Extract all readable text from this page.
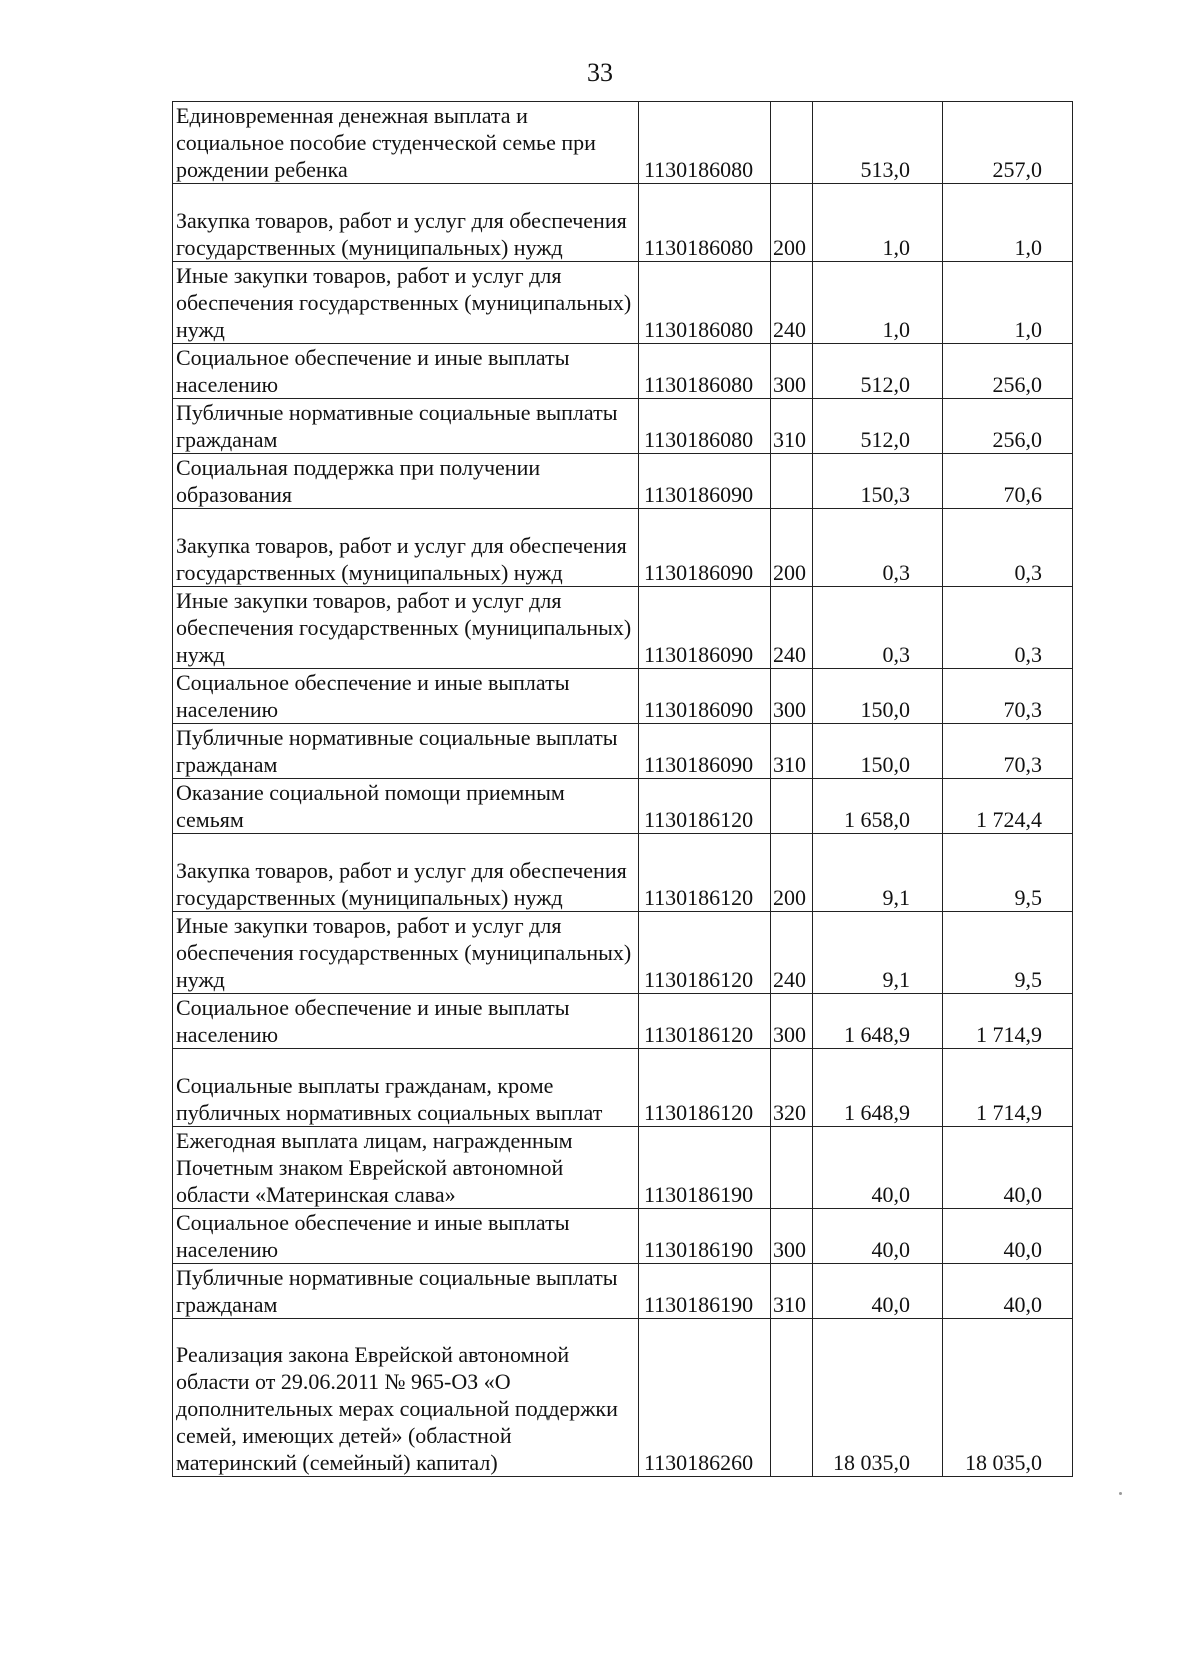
33
Единовременная денежная выплата и социальное пособие студенческой семье при рождении ребенка	1130186080		513,0	257,0
Закупка товаров, работ и услуг для обеспечения государственных (муниципальных) нужд	1130186080	200	1,0	1,0
Иные закупки товаров, работ и услуг для обеспечения государственных (муниципальных) нужд	1130186080	240	1,0	1,0
Социальное обеспечение и иные выплаты населению	1130186080	300	512,0	256,0
Публичные нормативные социальные выплаты гражданам	1130186080	310	512,0	256,0
Социальная поддержка при получении образования	1130186090		150,3	70,6
Закупка товаров, работ и услуг для обеспечения государственных (муниципальных) нужд	1130186090	200	0,3	0,3
Иные закупки товаров, работ и услуг для обеспечения государственных (муниципальных) нужд	1130186090	240	0,3	0,3
Социальное обеспечение и иные выплаты населению	1130186090	300	150,0	70,3
Публичные нормативные социальные выплаты гражданам	1130186090	310	150,0	70,3
Оказание социальной помощи приемным семьям	1130186120		1 658,0	1 724,4
Закупка товаров, работ и услуг для обеспечения государственных (муниципальных) нужд	1130186120	200	9,1	9,5
Иные закупки товаров, работ и услуг для обеспечения государственных (муниципальных) нужд	1130186120	240	9,1	9,5
Социальное обеспечение и иные выплаты населению	1130186120	300	1 648,9	1 714,9
Социальные выплаты гражданам, кроме публичных нормативных социальных выплат	1130186120	320	1 648,9	1 714,9
Ежегодная выплата лицам, награжденным Почетным знаком Еврейской автономной области «Материнская слава»	1130186190		40,0	40,0
Социальное обеспечение и иные выплаты населению	1130186190	300	40,0	40,0
Публичные нормативные социальные выплаты гражданам	1130186190	310	40,0	40,0
Реализация закона Еврейской автономной области от 29.06.2011 № 965-ОЗ «О дополнительных мерах социальной поддержки семей, имеющих детей» (областной материнский (семейный) капитал)	1130186260		18 035,0	18 035,0
